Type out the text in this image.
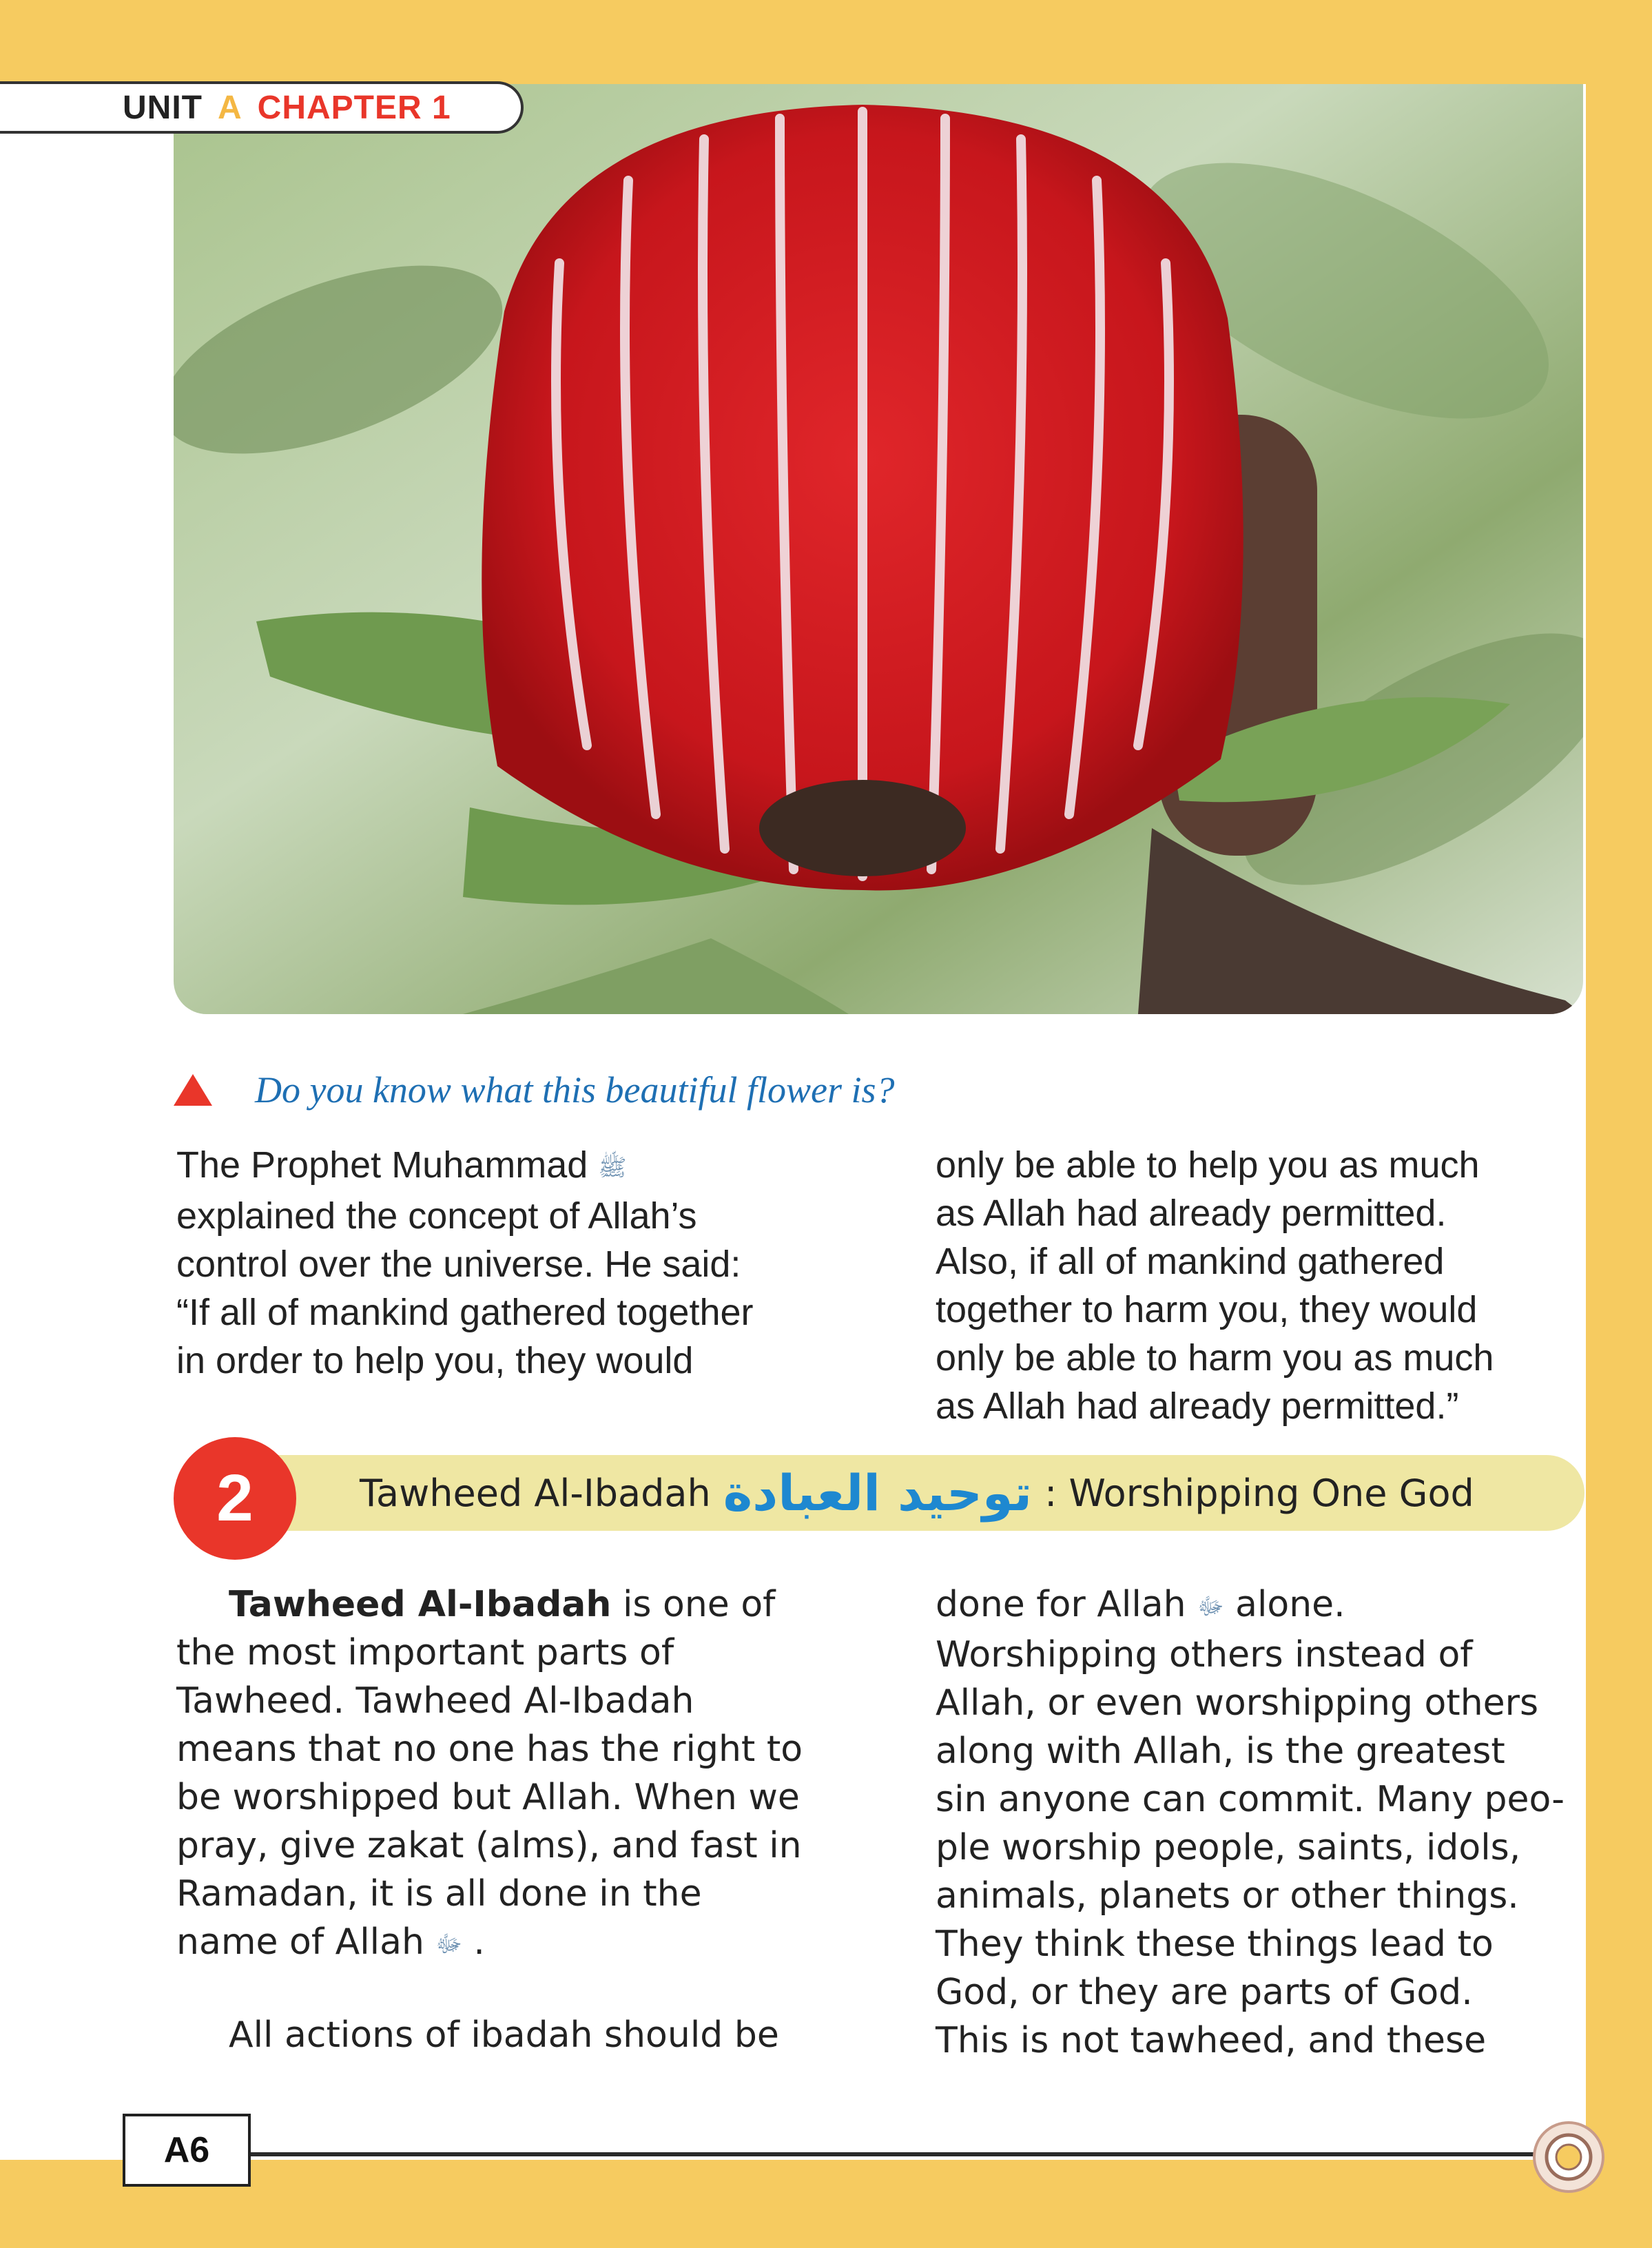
UNIT A CHAPTER 1
Do you know what this beautiful flower is?

The Prophet Muhammad ﷺ

explained the concept of Allah’s

control over the universe. He said:

“If all of mankind gathered together

in order to help you, they would

only be able to help you as much

as Allah had already permitted.

Also, if all of mankind gathered

together to harm you, they would

only be able to harm you as much

as Allah had already permitted.”

Tawheed Al-Ibadah توحيد العبادة : Worshipping One God
2

Tawheed Al-Ibadah is one of

the most important parts of

Tawheed. Tawheed Al-Ibadah

means that no one has the right to

be worshipped but Allah. When we

pray, give zakat (alms), and fast in

Ramadan, it is all done in the

name of Allah ﷻ .

All actions of ibadah should be

done for Allah ﷻ alone.

Worshipping others instead of

Allah, or even worshipping others

along with Allah, is the greatest

sin anyone can commit. Many peo-

ple worship people, saints, idols,

animals, planets or other things.

They think these things lead to

God, or they are parts of God.

This is not tawheed, and these

A6
